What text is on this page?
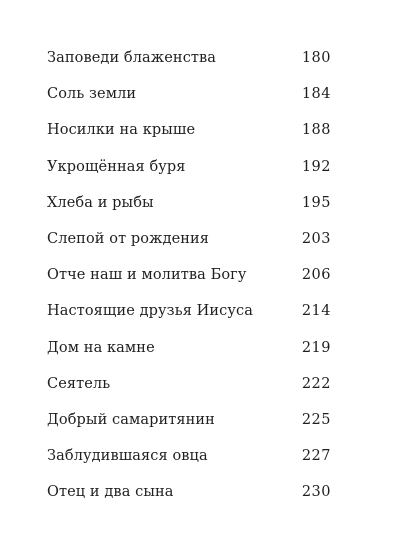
Заповеди блаженства	180
Соль земли	184
Носилки на крыше	188
Укрощённая буря	192
Хлеба и рыбы	195
Слепой от рождения	203
Отче наш и молитва Богу	206
Настоящие друзья Иисуса	214
Дом на камне	219
Сеятель	222
Добрый самаритянин	225
Заблудившаяся овца	227
Отец и два сына	230
